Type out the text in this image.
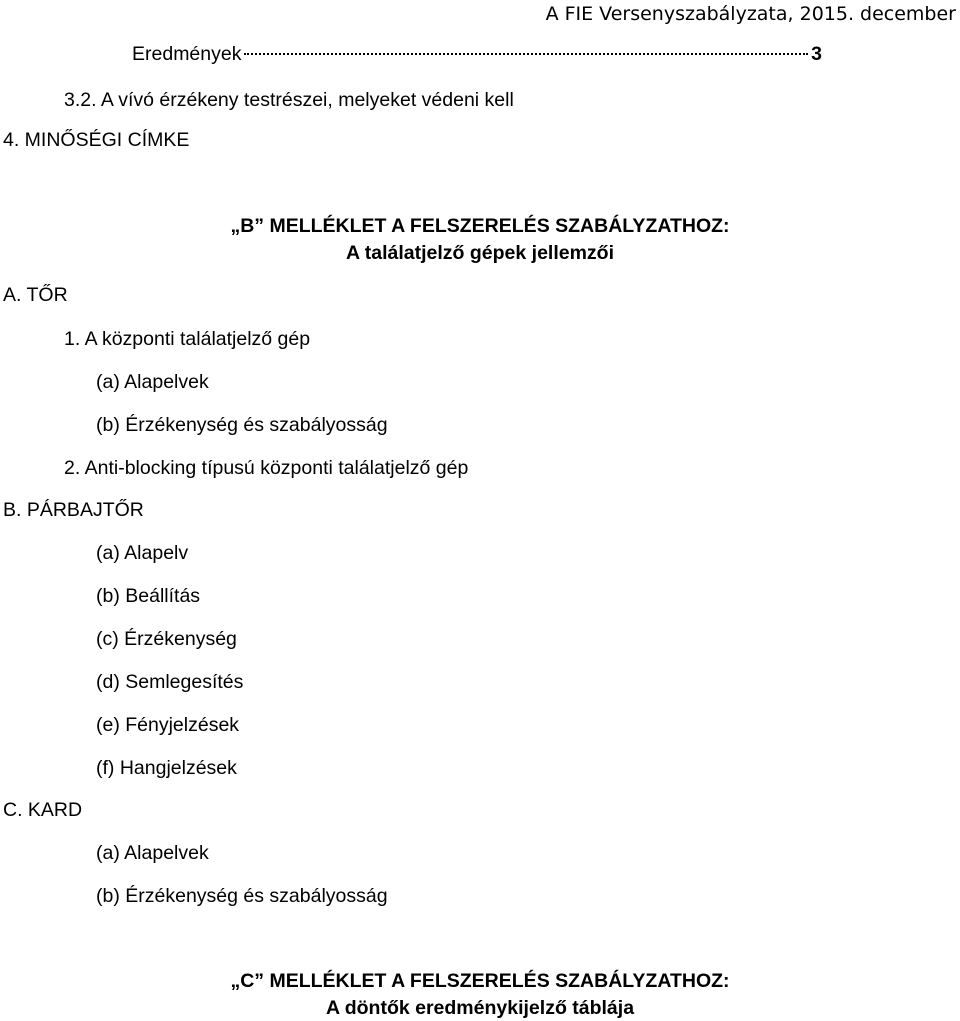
A FIE Versenyszabályzata, 2015. december
Eredmények	3
3.2. A vívó érzékeny testrészei, melyeket védeni kell
4. MINŐSÉGI CÍMKE
„B” MELLÉKLET A FELSZERELÉS SZABÁLYZATHOZ:
A találatjelző gépek jellemzői
A. TŐR
1. A központi találatjelző gép
(a) Alapelvek
(b) Érzékenység és szabályosság
2. Anti-blocking típusú központi találatjelző gép
B. PÁRBAJTŐR
(a) Alapelv
(b) Beállítás
(c) Érzékenység
(d) Semlegesítés
(e) Fényjelzések
(f) Hangjelzések
C. KARD
(a) Alapelvek
(b) Érzékenység és szabályosság
„C” MELLÉKLET A FELSZERELÉS SZABÁLYZATHOZ:
A döntők eredménykijelző táblája
